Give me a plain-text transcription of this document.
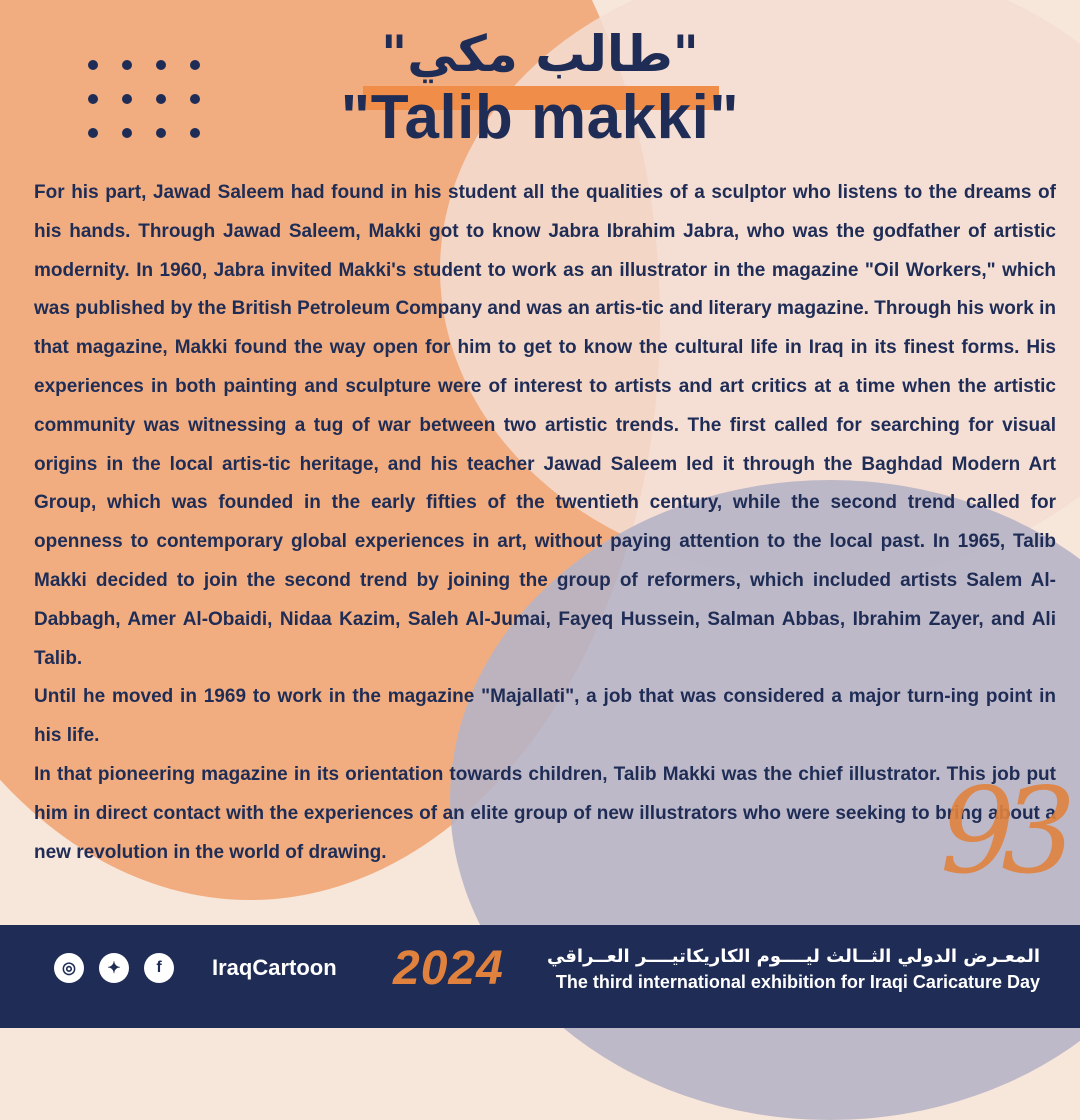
"طالب مكي"

"Talib makki"

For his part, Jawad Saleem had found in his student all the qualities of a sculptor who listens to the dreams of his hands. Through Jawad Saleem, Makki got to know Jabra Ibrahim Jabra, who was the godfather of artistic modernity. In 1960, Jabra invited Makki's student to work as an illustrator in the magazine "Oil Workers," which was published by the British Petroleum Company and was an artis-tic and literary magazine. Through his work in that magazine, Makki found the way open for him to get to know the cultural life in Iraq in its finest forms. His experiences in both painting and sculpture were of interest to artists and art critics at a time when the artistic community was witnessing a tug of war between two artistic trends. The first called for searching for visual origins in the local artis-tic heritage, and his teacher Jawad Saleem led it through the Baghdad Modern Art Group, which was founded in the early fifties of the twentieth century, while the second trend called for openness to contemporary global experiences in art, without paying attention to the local past. In 1965, Talib Makki decided to join the second trend by joining the group of reformers, which included artists Salem Al-Dabbagh, Amer Al-Obaidi, Nidaa Kazim, Saleh Al-Jumai, Fayeq Hussein, Salman Abbas, Ibrahim Zayer, and Ali Talib.

Until he moved in 1969 to work in the magazine "Majallati", a job that was considered a major turn-ing point in his life.

In that pioneering magazine in its orientation towards children, Talib Makki was the chief illustrator. This job put him in direct contact with the experiences of an elite group of new illustrators who were seeking to bring about a new revolution in the world of drawing.	93
◎	✦	f	IraqCartoon 2024 المعـرض الدولي الثــالث ليــــوم الكاريكاتيــــر العــراقي
The third international exhibition for Iraqi Caricature Day
